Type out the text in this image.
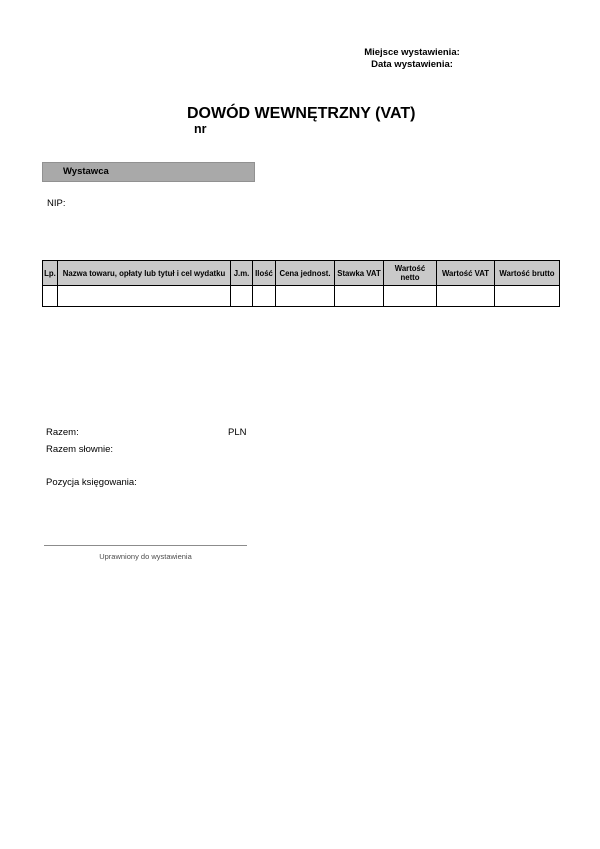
Miejsce wystawienia:
Data wystawienia:
DOWÓD WEWNĘTRZNY (VAT)
nr
Wystawca
NIP:
Lp.	Nazwa towaru, opłaty lub tytuł i cel wydatku	J.m.	Ilość	Cena jednost.	Stawka VAT	Wartość netto	Wartość VAT	Wartość brutto

Razem:	PLN
Razem słownie:
Pozycja księgowania:
Uprawniony do wystawienia
